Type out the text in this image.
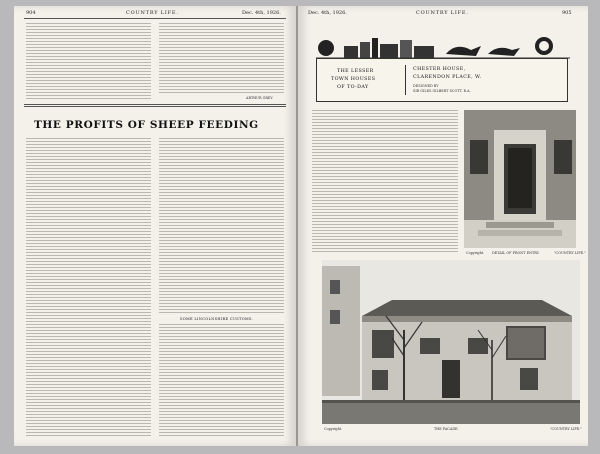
904	COUNTRY LIFE.	Dec. 4th, 1926.
ARTHUR GREY.
THE PROFITS OF SHEEP FEEDING
SOME LINCOLNSHIRE CUSTOMS.
Dec. 4th, 1926.	COUNTRY LIFE.	905
THE LESSER
TOWN HOUSES
OF TO-DAY
CHESTER HOUSE,
CLARENDON PLACE, W.
DESIGNED BY
SIR GILES GILBERT SCOTT, R.A.
Copyright. DETAIL OF FRONT ENTRY.	"COUNTRY LIFE."
Copyright.	THE FACADE.	"COUNTRY LIFE."
